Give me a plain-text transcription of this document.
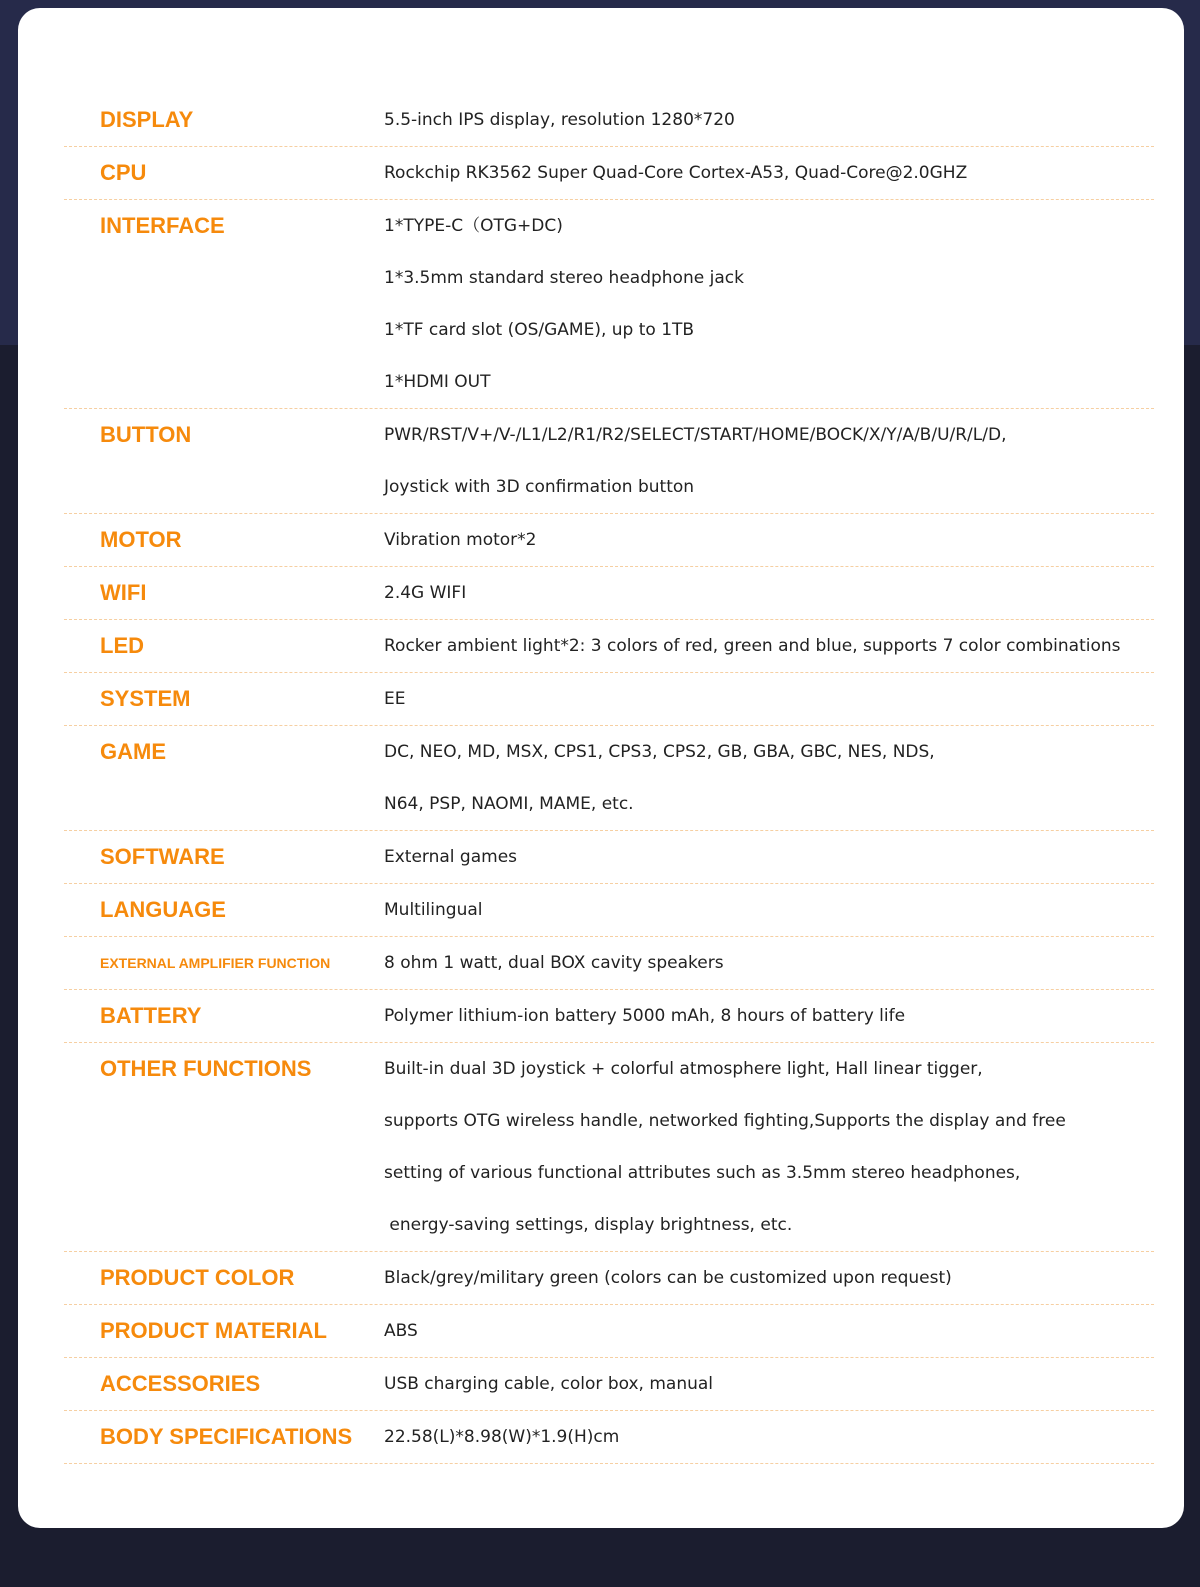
DISPLAY	5.5-inch IPS display, resolution 1280*720
CPU	Rockchip RK3562 Super Quad-Core Cortex-A53, Quad-Core@2.0GHZ
INTERFACE	1*TYPE-C（OTG+DC)
1*3.5mm standard stereo headphone jack
1*TF card slot (OS/GAME), up to 1TB
1*HDMI OUT
BUTTON	PWR/RST/V+/V-/L1/L2/R1/R2/SELECT/START/HOME/BOCK/X/Y/A/B/U/R/L/D,
Joystick with 3D confirmation button
MOTOR	Vibration motor*2
WIFI	2.4G WIFI
LED	Rocker ambient light*2: 3 colors of red, green and blue, supports 7 color combinations
SYSTEM	EE
GAME	DC, NEO, MD, MSX, CPS1, CPS3, CPS2, GB, GBA, GBC, NES, NDS,
N64, PSP, NAOMI, MAME, etc.
SOFTWARE	External games
LANGUAGE	Multilingual
EXTERNAL AMPLIFIER FUNCTION	8 ohm 1 watt, dual BOX cavity speakers
BATTERY	Polymer lithium-ion battery 5000 mAh, 8 hours of battery life
OTHER FUNCTIONS	Built-in dual 3D joystick + colorful atmosphere light, Hall linear tigger,
supports OTG wireless handle, networked fighting,Supports the display and free
setting of various functional attributes such as 3.5mm stereo headphones,
energy-saving settings, display brightness, etc.
PRODUCT COLOR	Black/grey/military green (colors can be customized upon request)
PRODUCT MATERIAL	ABS
ACCESSORIES	USB charging cable, color box, manual
BODY SPECIFICATIONS	22.58(L)*8.98(W)*1.9(H)cm
